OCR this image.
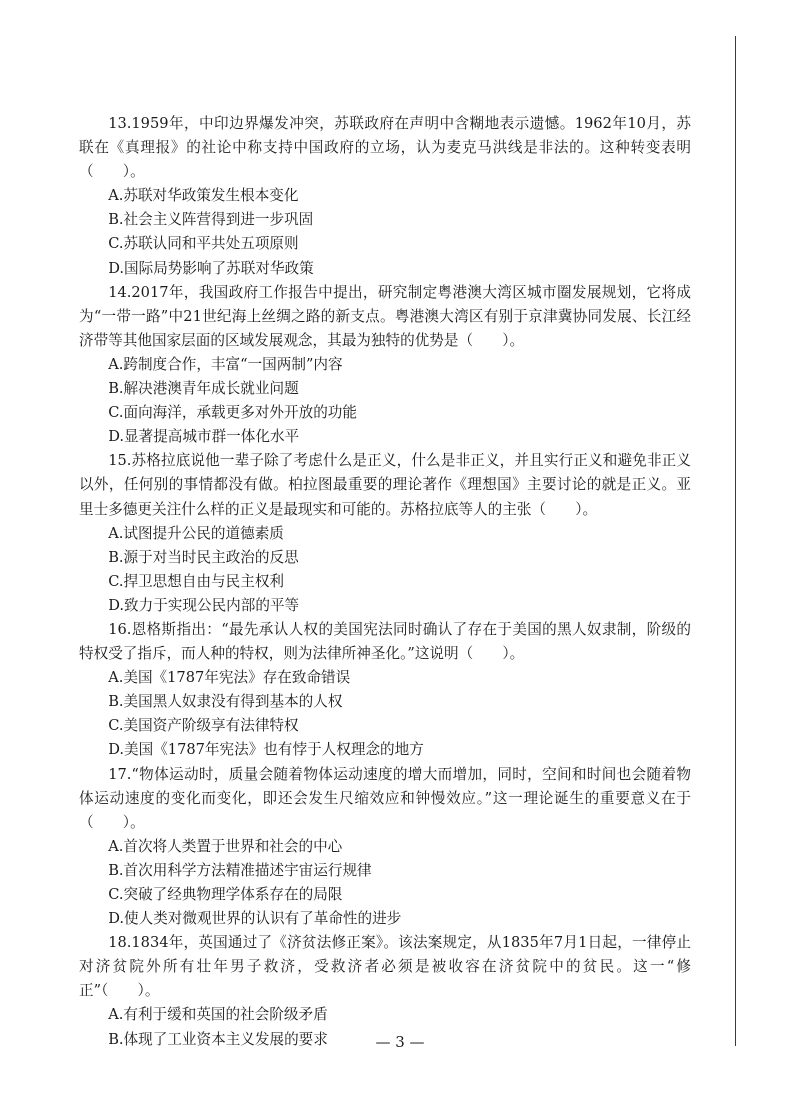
13.1959年，中印边界爆发冲突，苏联政府在声明中含糊地表示遗憾。1962年10月，苏联在《真理报》的社论中称支持中国政府的立场，认为麦克马洪线是非法的。这种转变表明（　　）。

A.苏联对华政策发生根本变化

B.社会主义阵营得到进一步巩固

C.苏联认同和平共处五项原则

D.国际局势影响了苏联对华政策

14.2017年，我国政府工作报告中提出，研究制定粤港澳大湾区城市圈发展规划，它将成为“一带一路”中21世纪海上丝绸之路的新支点。粤港澳大湾区有别于京津冀协同发展、长江经济带等其他国家层面的区域发展观念，其最为独特的优势是（　　）。

A.跨制度合作，丰富“一国两制”内容

B.解决港澳青年成长就业问题

C.面向海洋，承载更多对外开放的功能

D.显著提高城市群一体化水平

15.苏格拉底说他一辈子除了考虑什么是正义，什么是非正义，并且实行正义和避免非正义以外，任何别的事情都没有做。柏拉图最重要的理论著作《理想国》主要讨论的就是正义。亚里士多德更关注什么样的正义是最现实和可能的。苏格拉底等人的主张（　　）。

A.试图提升公民的道德素质

B.源于对当时民主政治的反思

C.捍卫思想自由与民主权利

D.致力于实现公民内部的平等

16.恩格斯指出：“最先承认人权的美国宪法同时确认了存在于美国的黑人奴隶制，阶级的特权受了指斥，而人种的特权，则为法律所神圣化。”这说明（　　）。

A.美国《1787年宪法》存在致命错误

B.美国黑人奴隶没有得到基本的人权

C.美国资产阶级享有法律特权

D.美国《1787年宪法》也有悖于人权理念的地方

17.“物体运动时，质量会随着物体运动速度的增大而增加，同时，空间和时间也会随着物体运动速度的变化而变化，即还会发生尺缩效应和钟慢效应。”这一理论诞生的重要意义在于（　　）。

A.首次将人类置于世界和社会的中心

B.首次用科学方法精准描述宇宙运行规律

C.突破了经典物理学体系存在的局限

D.使人类对微观世界的认识有了革命性的进步

18.1834年，英国通过了《济贫法修正案》。该法案规定，从1835年7月1日起，一律停止对济贫院外所有壮年男子救济，受救济者必须是被收容在济贫院中的贫民。这一“修正”（　　）。

A.有利于缓和英国的社会阶级矛盾

B.体现了工业资本主义发展的要求	— 3 —
